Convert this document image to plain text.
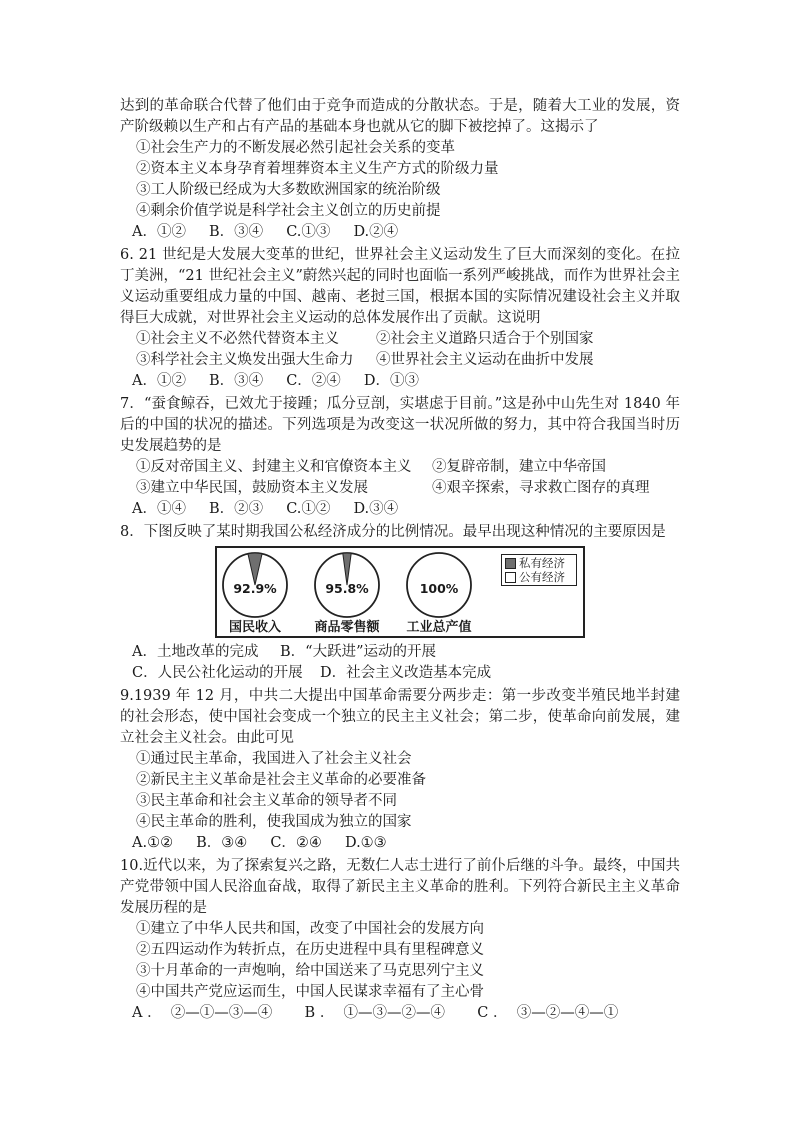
达到的革命联合代替了他们由于竞争而造成的分散状态。于是，随着大工业的发展，资产阶级赖以生产和占有产品的基础本身也就从它的脚下被挖掉了。这揭示了

①社会生产力的不断发展必然引起社会关系的变革

②资本主义本身孕育着埋葬资本主义生产方式的阶级力量

③工人阶级已经成为大多数欧洲国家的统治阶级

④剩余价值学说是科学社会主义创立的历史前提

A．①②     B．③④     C.①③     D.②④

6. 21 世纪是大发展大变革的世纪，世界社会主义运动发生了巨大而深刻的变化。在拉丁美洲，“21 世纪社会主义”蔚然兴起的同时也面临一系列严峻挑战，而作为世界社会主义运动重要组成力量的中国、越南、老挝三国，根据本国的实际情况建设社会主义并取得巨大成就，对世界社会主义运动的总体发展作出了贡献。这说明

①社会主义不必然代替资本主义	②社会主义道路只适合于个别国家

③科学社会主义焕发出强大生命力 ④世界社会主义运动在曲折中发展

A．①②     B．③④     C．②④     D．①③

7．“蚕食鲸吞，已效尤于接踵；瓜分豆剖，实堪虑于目前。”这是孙中山先生对 1840 年后的中国的状况的描述。下列选项是为改变这一状况所做的努力，其中符合我国当时历史发展趋势的是

①反对帝国主义、封建主义和官僚资本主义 ②复辟帝制，建立中华帝国

③建立中华民国，鼓励资本主义发展	④艰辛探索，寻求救亡图存的真理

A．①④     B．②③     C.①②     D.③④

8．下图反映了某时期我国公私经济成分的比例情况。最早出现这种情况的主要原因是

92.9%	95.8%	100%
私有经济
公有经济
国民收入	商品零售额	工业总产值

A．土地改革的完成 B．“大跃进”运动的开展

C．人民公社化运动的开展 D．社会主义改造基本完成

9.1939 年 12 月，中共二大提出中国革命需要分两步走：第一步改变半殖民地半封建的社会形态，使中国社会变成一个独立的民主主义社会；第二步，使革命向前发展，建立社会主义社会。由此可见

①通过民主革命，我国进入了社会主义社会

②新民主主义革命是社会主义革命的必要准备

③民主革命和社会主义革命的领导者不同

④民主革命的胜利，使我国成为独立的国家

A.①②     B．③④     C．②④     D.①③

10.近代以来，为了探索复兴之路，无数仁人志士进行了前仆后继的斗争。最终，中国共产党带领中国人民浴血奋战，取得了新民主主义革命的胜利。下列符合新民主主义革命发展历程的是

①建立了中华人民共和国，改变了中国社会的发展方向

②五四运动作为转折点，在历史进程中具有里程碑意义

③十月革命的一声炮响，给中国送来了马克思列宁主义

④中国共产党应运而生，中国人民谋求幸福有了主心骨

A ．  ②—①—③—④       B ．  ①—③—②—④       C ．  ③—②—④—①
